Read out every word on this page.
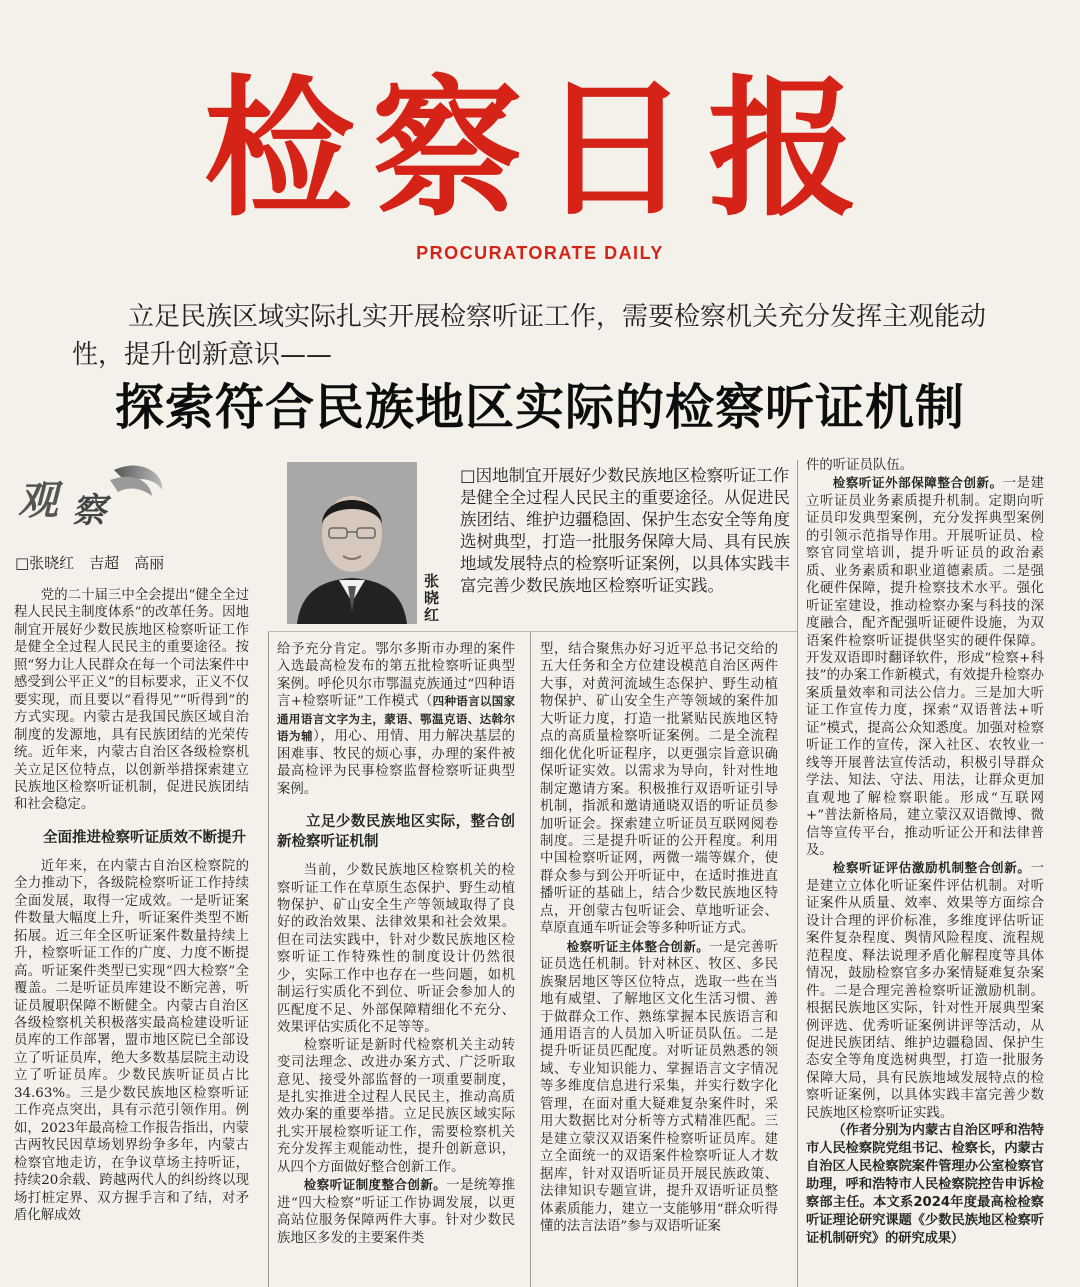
检察日报
PROCURATORATE DAILY
立足民族区域实际扎实开展检察听证工作，需要检察机关充分发挥主观能动性，提升创新意识——
探索符合民族地区实际的检察听证机制
观 察
□张晓红　吉超　高丽
张晓红
□因地制宜开展好少数民族地区检察听证工作是健全全过程人民民主的重要途径。从促进民族团结、维护边疆稳固、保护生态安全等角度选树典型，打造一批服务保障大局、具有民族地域发展特点的检察听证案例，以具体实践丰富完善少数民族地区检察听证实践。

党的二十届三中全会提出“健全全过程人民民主制度体系”的改革任务。因地制宜开展好少数民族地区检察听证工作是健全全过程人民民主的重要途径。按照“努力让人民群众在每一个司法案件中感受到公平正义”的目标要求，正义不仅要实现，而且要以“看得见”“听得到”的方式实现。内蒙古是我国民族区域自治制度的发源地，具有民族团结的光荣传统。近年来，内蒙古自治区各级检察机关立足区位特点，以创新举措探索建立民族地区检察听证机制，促进民族团结和社会稳定。

全面推进检察听证质效不断提升

近年来，在内蒙古自治区检察院的全力推动下，各级院检察听证工作持续全面发展，取得一定成效。一是听证案件数量大幅度上升，听证案件类型不断拓展。近三年全区听证案件数量持续上升，检察听证工作的广度、力度不断提高。听证案件类型已实现“四大检察”全覆盖。二是听证员库建设不断完善，听证员履职保障不断健全。内蒙古自治区各级检察机关积极落实最高检建设听证员库的工作部署，盟市地区院已全部设立了听证员库，绝大多数基层院主动设立了听证员库。少数民族听证员占比34.63%。三是少数民族地区检察听证工作亮点突出，具有示范引领作用。例如，2023年最高检工作报告指出，内蒙古两牧民因草场划界纷争多年，内蒙古检察官地走访，在争议草场主持听证，持续20余载、跨越两代人的纠纷终以现场打桩定界、双方握手言和了结，对矛盾化解成效

给予充分肯定。鄂尔多斯市办理的案件入选最高检发布的第五批检察听证典型案例。呼伦贝尔市鄂温克族通过“四种语言+检察听证”工作模式（四种语言以国家通用语言文字为主，蒙语、鄂温克语、达斡尔语为辅），用心、用情、用力解决基层的困难事、牧民的烦心事，办理的案件被最高检评为民事检察监督检察听证典型案例。

立足少数民族地区实际，整合创新检察听证机制

当前，少数民族地区检察机关的检察听证工作在草原生态保护、野生动植物保护、矿山安全生产等领域取得了良好的政治效果、法律效果和社会效果。但在司法实践中，针对少数民族地区检察听证工作特殊性的制度设计仍然很少，实际工作中也存在一些问题，如机制运行实质化不到位、听证会参加人的匹配度不足、外部保障精细化不充分、效果评估实质化不足等等。

检察听证是新时代检察机关主动转变司法理念、改进办案方式、广泛听取意见、接受外部监督的一项重要制度，是扎实推进全过程人民民主，推动高质效办案的重要举措。立足民族区域实际扎实开展检察听证工作，需要检察机关充分发挥主观能动性，提升创新意识，从四个方面做好整合创新工作。

检察听证制度整合创新。一是统筹推进“四大检察”听证工作协调发展，以更高站位服务保障两件大事。针对少数民族地区多发的主要案件类

型，结合聚焦办好习近平总书记交给的五大任务和全方位建设模范自治区两件大事，对黄河流域生态保护、野生动植物保护、矿山安全生产等领域的案件加大听证力度，打造一批紧贴民族地区特点的高质量检察听证案例。二是全流程细化优化听证程序，以更强宗旨意识确保听证实效。以需求为导向，针对性地制定邀请方案。积极推行双语听证引导机制，指派和邀请通晓双语的听证员参加听证会。探索建立听证员互联网阅卷制度。三是提升听证的公开程度。利用中国检察听证网，两微一端等媒介，使群众参与到公开听证中，在适时推进直播听证的基础上，结合少数民族地区特点，开创蒙古包听证会、草地听证会、草原直通车听证会等多种听证方式。

检察听证主体整合创新。一是完善听证员选任机制。针对林区、牧区、多民族聚居地区等区位特点，选取一些在当地有威望、了解地区文化生活习惯、善于做群众工作、熟练掌握本民族语言和通用语言的人员加入听证员队伍。二是提升听证员匹配度。对听证员熟悉的领域、专业知识能力、掌握语言文字情况等多维度信息进行采集，并实行数字化管理，在面对重大疑难复杂案件时，采用大数据比对分析等方式精准匹配。三是建立蒙汉双语案件检察听证员库。建立全面统一的双语案件检察听证人才数据库，针对双语听证员开展民族政策、法律知识专题宣讲，提升双语听证员整体素质能力，建立一支能够用“群众听得懂的法言法语”参与双语听证案

件的听证员队伍。

检察听证外部保障整合创新。一是建立听证员业务素质提升机制。定期向听证员印发典型案例，充分发挥典型案例的引领示范指导作用。开展听证员、检察官同堂培训，提升听证员的政治素质、业务素质和职业道德素质。二是强化硬件保障，提升检察技术水平。强化听证室建设，推动检察办案与科技的深度融合，配齐配强听证硬件设施，为双语案件检察听证提供坚实的硬件保障。开发双语即时翻译软件，形成“检察+科技”的办案工作新模式，有效提升检察办案质量效率和司法公信力。三是加大听证工作宣传力度，探索“双语普法+听证”模式，提高公众知悉度。加强对检察听证工作的宣传，深入社区、农牧业一线等开展普法宣传活动，积极引导群众学法、知法、守法、用法，让群众更加直观地了解检察职能。形成“互联网+”普法新格局，建立蒙汉双语微博、微信等宣传平台，推动听证公开和法律普及。

检察听证评估激励机制整合创新。一是建立立体化听证案件评估机制。对听证案件从质量、效率、效果等方面综合设计合理的评价标准，多维度评估听证案件复杂程度、舆情风险程度、流程规范程度、释法说理矛盾化解程度等具体情况，鼓励检察官多办案情疑难复杂案件。二是合理完善检察听证激励机制。根据民族地区实际，针对性开展典型案例评选、优秀听证案例讲评等活动，从促进民族团结、维护边疆稳固、保护生态安全等角度选树典型，打造一批服务保障大局，具有民族地域发展特点的检察听证案例，以具体实践丰富完善少数民族地区检察听证实践。

（作者分别为内蒙古自治区呼和浩特市人民检察院党组书记、检察长，内蒙古自治区人民检察院案件管理办公室检察官助理，呼和浩特市人民检察院控告申诉检察部主任。本文系2024年度最高检检察听证理论研究课题《少数民族地区检察听证机制研究》的研究成果）
